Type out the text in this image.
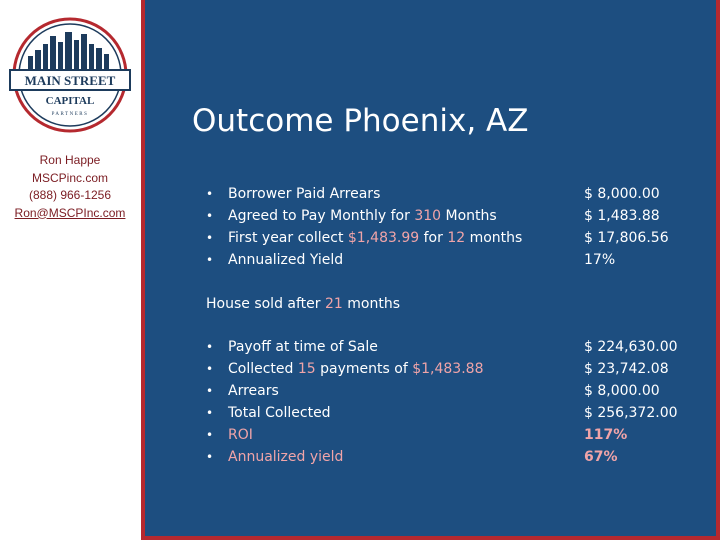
MAIN STREET
CAPITAL
PARTNERS
Ron Happe
MSCPinc.com
(888) 966-1256
Ron@MSCPInc.com
Outcome Phoenix, AZ
• Borrower Paid Arrears	$ 8,000.00
• Agreed to Pay Monthly for 310 Months	$ 1,483.88
• First year collect $1,483.99 for 12 months	$ 17,806.56
• Annualized Yield	17%
House sold after 21 months
• Payoff at time of Sale	$ 224,630.00
• Collected 15 payments of $1,483.88	$ 23,742.08
• Arrears	$ 8,000.00
• Total Collected	$ 256,372.00
• ROI	117%
• Annualized yield	67%
